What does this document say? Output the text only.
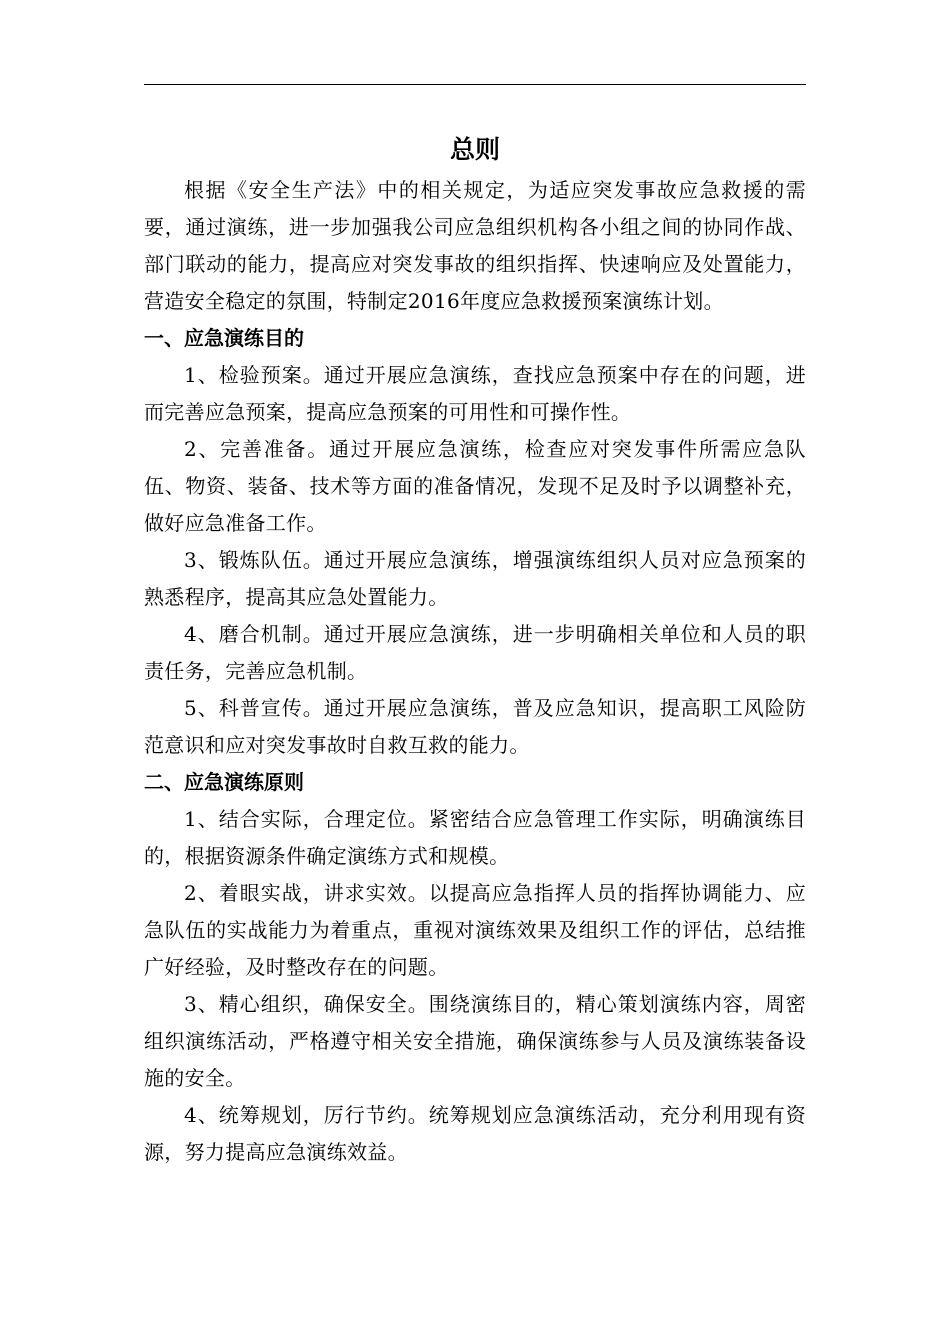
总则

根据《安全生产法》中的相关规定，为适应突发事故应急救援的需要，通过演练，进一步加强我公司应急组织机构各小组之间的协同作战、部门联动的能力，提高应对突发事故的组织指挥、快速响应及处置能力，营造安全稳定的氛围，特制定2016年度应急救援预案演练计划。

一、应急演练目的

1、检验预案。通过开展应急演练，查找应急预案中存在的问题，进而完善应急预案，提高应急预案的可用性和可操作性。

2、完善准备。通过开展应急演练，检查应对突发事件所需应急队伍、物资、装备、技术等方面的准备情况，发现不足及时予以调整补充，做好应急准备工作。

3、锻炼队伍。通过开展应急演练，增强演练组织人员对应急预案的熟悉程序，提高其应急处置能力。

4、磨合机制。通过开展应急演练，进一步明确相关单位和人员的职责任务，完善应急机制。

5、科普宣传。通过开展应急演练，普及应急知识，提高职工风险防范意识和应对突发事故时自救互救的能力。

二、应急演练原则

1、结合实际，合理定位。紧密结合应急管理工作实际，明确演练目的，根据资源条件确定演练方式和规模。

2、着眼实战，讲求实效。以提高应急指挥人员的指挥协调能力、应急队伍的实战能力为着重点，重视对演练效果及组织工作的评估，总结推广好经验，及时整改存在的问题。

3、精心组织，确保安全。围绕演练目的，精心策划演练内容，周密组织演练活动，严格遵守相关安全措施，确保演练参与人员及演练装备设施的安全。

4、统筹规划，厉行节约。统筹规划应急演练活动，充分利用现有资源，努力提高应急演练效益。
